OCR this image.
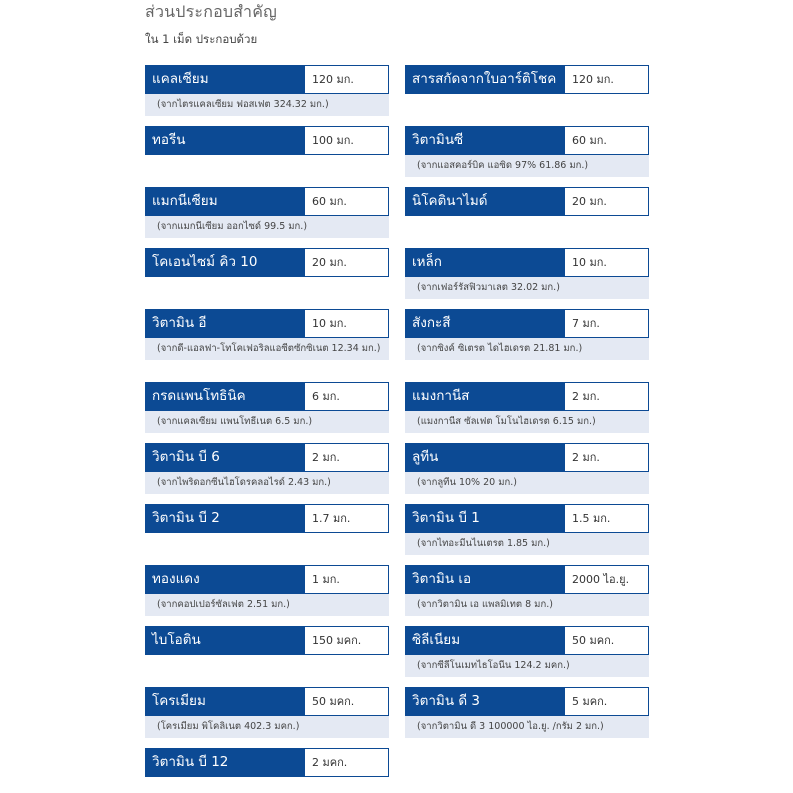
ส่วนประกอบสำคัญ
ใน 1 เม็ด ประกอบด้วย
แคลเซียม	120 มก.
(จากไตรแคลเซียม ฟอสเฟต 324.32 มก.)
ทอรีน	100 มก.
แมกนีเซียม	60 มก.
(จากแมกนีเซียม ออกไซด์ 99.5 มก.)
โคเอนไซม์ คิว 10	20 มก.
วิตามิน อี	10 มก.
(จากดี-แอลฟา-โทโคเฟอริลแอซีตซักซิเนต 12.34 มก.)
กรดแพนโทธินิค	6 มก.
(จากแคลเซียม แพนโทธีเนต 6.5 มก.)
วิตามิน บี 6	2 มก.
(จากไพริดอกซีนไฮโดรคลอไรด์ 2.43 มก.)
วิตามิน บี 2	1.7 มก.
ทองแดง	1 มก.
(จากคอปเปอร์ซัลเฟต 2.51 มก.)
ไบโอติน	150 มคก.
โครเมียม	50 มคก.
(โครเมียม พิโคลิเนต 402.3 มคก.)
วิตามิน บี 12	2 มคก.
สารสกัดจากใบอาร์ติโชค	120 มก.
วิตามินซี	60 มก.
(จากแอสคอร์บิค แอซิด 97% 61.86 มก.)
นิโคตินาไมด์	20 มก.
เหล็ก	10 มก.
(จากเฟอร์รัสฟิวมาเลต 32.02 มก.)
สังกะสี	7 มก.
(จากซิงค์ ซิเตรต ไดไฮเดรต 21.81 มก.)
แมงกานีส	2 มก.
(แมงกานีส ซัลเฟต โมโนไฮเดรต 6.15 มก.)
ลูทีน	2 มก.
(จากลูทีน 10% 20 มก.)
วิตามิน บี 1	1.5 มก.
(จากไทอะมีนไนเตรต 1.85 มก.)
วิตามิน เอ	2000 ไอ.ยู.
(จากวิตามิน เอ แพลมิเทต 8 มก.)
ซิลีเนียม	50 มคก.
(จากซีลีโนเมทไธโอนีน 124.2 มคก.)
วิตามิน ดี 3	5 มคก.
(จากวิตามิน ดี 3 100000 ไอ.ยู. /กรัม 2 มก.)
